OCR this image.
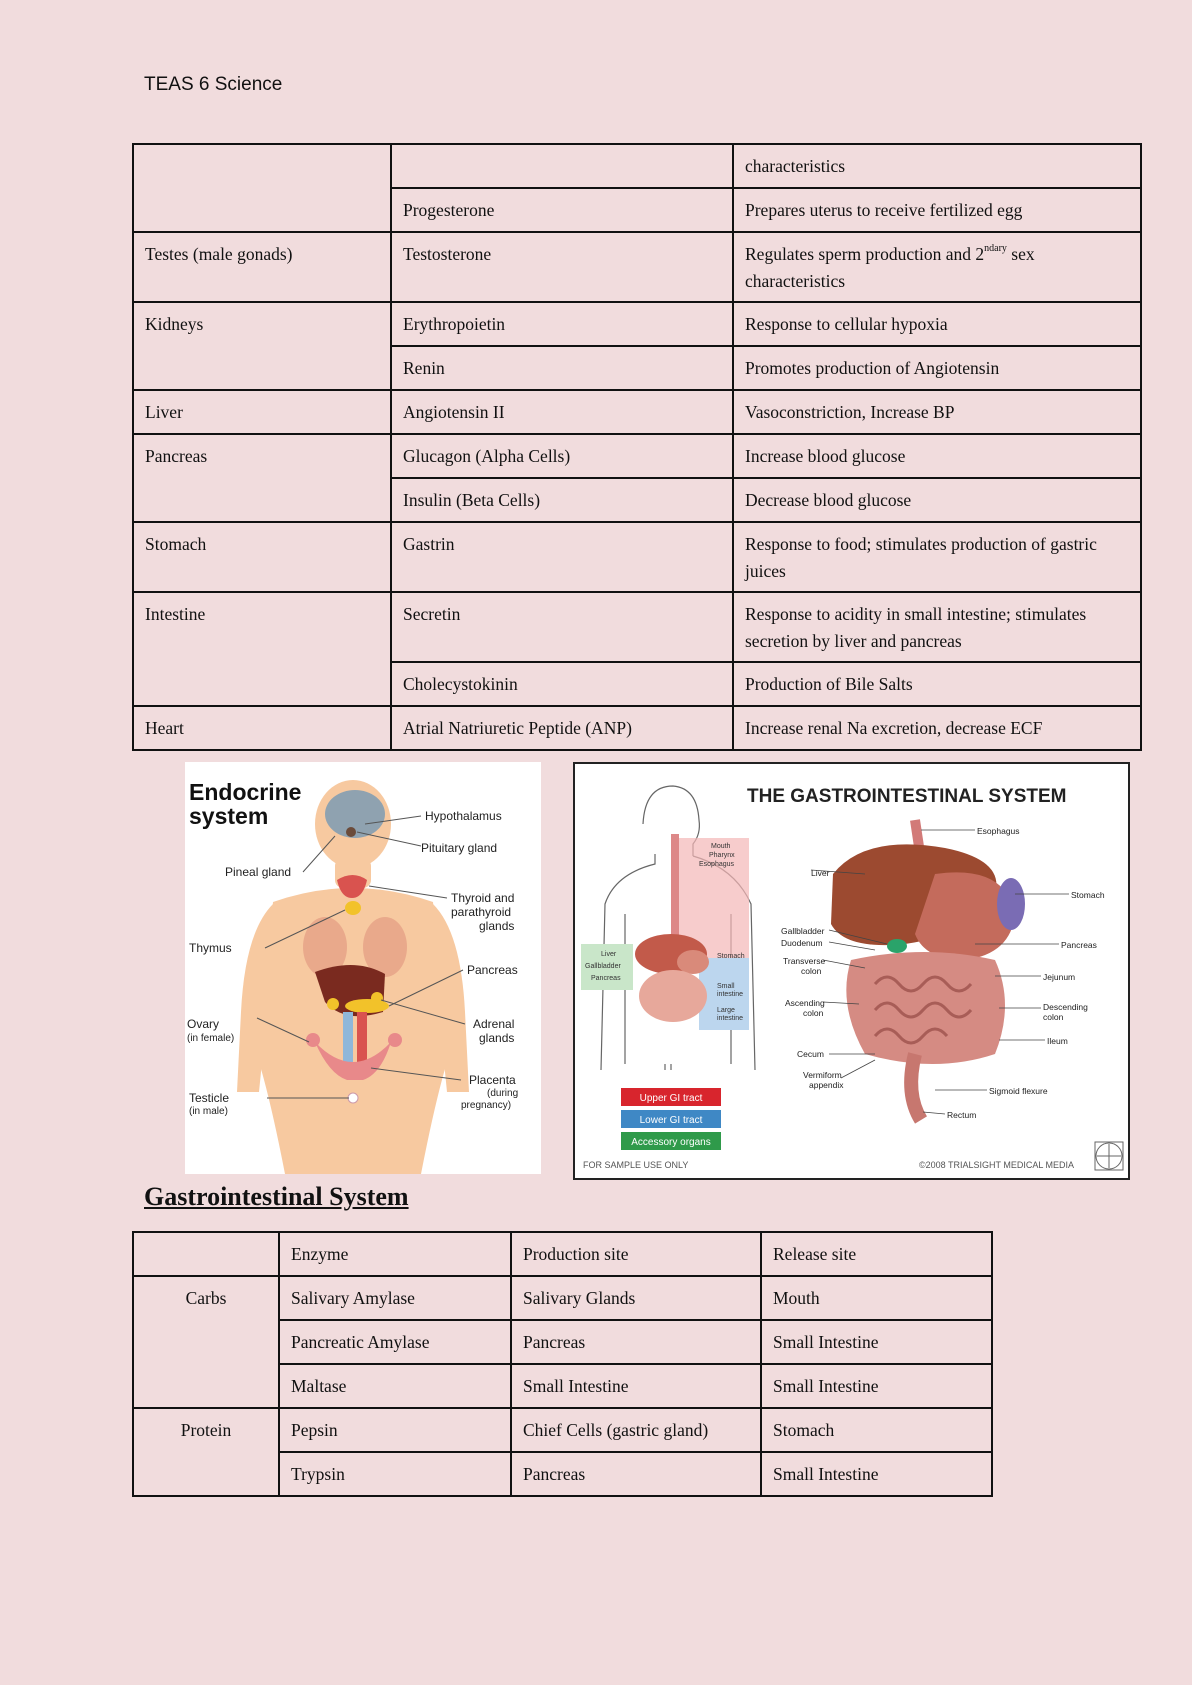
TEAS 6 Science
		characteristics
	Progesterone	Prepares uterus to receive fertilized egg
Testes (male gonads)	Testosterone	Regulates sperm production and $2^{ndary}$ sex characteristics
Kidneys	Erythropoietin	Response to cellular hypoxia
	Renin	Promotes production of Angiotensin
Liver	Angiotensin II	Vasoconstriction, Increase BP
Pancreas	Glucagon (Alpha Cells)	Increase blood glucose
	Insulin (Beta Cells)	Decrease blood glucose
Stomach	Gastrin	Response to food; stimulates production of gastric juices
Intestine	Secretin	Response to acidity in small intestine; stimulates secretion by liver and pancreas
	Cholecystokinin	Production of Bile Salts
Heart	Atrial Natriuretic Peptide (ANP)	Increase renal Na excretion, decrease ECF
Endocrine
system	Hypothalamus
Pituitary gland
Pineal gland
Thyroid and
parathyroid
glands
Thymus
Pancreas
Ovary
(in female)
Adrenal
glands
Placenta
(during
pregnancy)
Testicle
(in male)
THE GASTROINTESTINAL SYSTEM
Mouth
Pharynx
Esophagus
Liver
Gallbladder
Pancreas
Stomach
Small
intestine
Large
intestine
Upper GI tract
Lower GI tract
Accessory organs
Esophagus
Liver
Stomach
Gallbladder
Duodenum	Pancreas
Transverse
colon
Jejunum
Ascending
colon
Descending
colon
Ileum
Cecum
Vermiform
appendix
Sigmoid flexure
Rectum
FOR SAMPLE USE ONLY	©2008 TRIALSIGHT MEDICAL MEDIA
Gastrointestinal System
	Enzyme	Production site	Release site
Carbs	Salivary Amylase	Salivary Glands	Mouth
	Pancreatic Amylase	Pancreas	Small Intestine
	Maltase	Small Intestine	Small Intestine
Protein	Pepsin	Chief Cells (gastric gland)	Stomach
	Trypsin	Pancreas	Small Intestine
